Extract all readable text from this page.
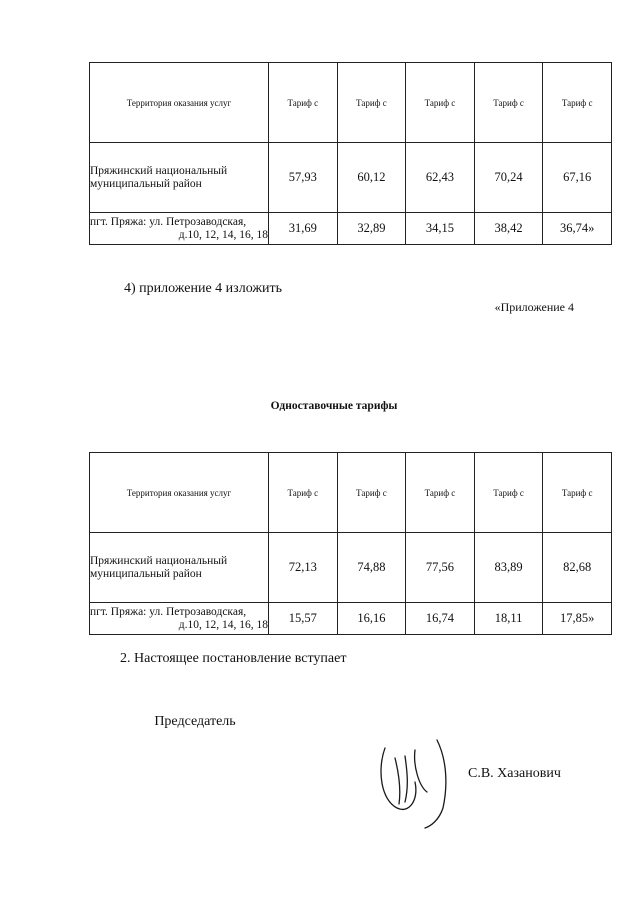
Территория оказания услуг	Тариф с	Тариф с	Тариф с	Тариф с	Тариф с

Пряжинский национальный
муниципальный район	57,93	60,12	62,43	70,24	67,16

пгт. Пряжа: ул. Петрозаводская,
д.10, 12, 14, 16, 18	31,69	32,89	34,15	38,42	36,74»
4) приложение 4 изложить
«Приложение 4
Одноставочные тарифы
Территория оказания услуг	Тариф с	Тариф с	Тариф с	Тариф с	Тариф с

Пряжинский национальный
муниципальный район	72,13	74,88	77,56	83,89	82,68

пгт. Пряжа: ул. Петрозаводская,
д.10, 12, 14, 16, 18	15,57	16,16	16,74	18,11	17,85»
2. Настоящее постановление вступает
Председатель
С.В. Хазанович
